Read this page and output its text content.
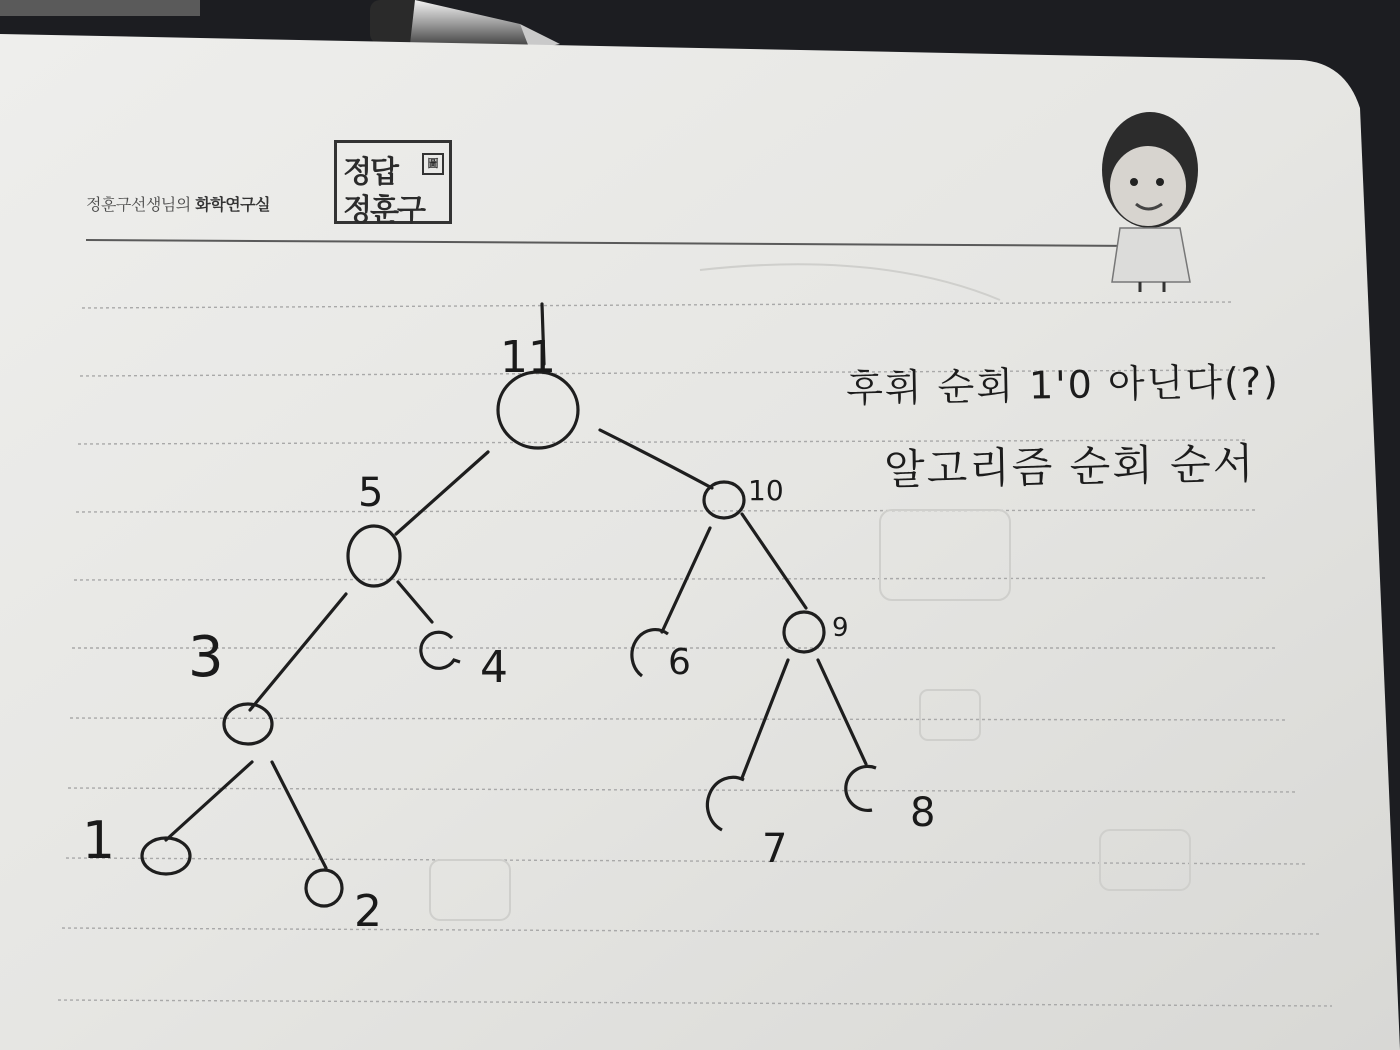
11
5	10
3	4	6
9
1
2
7
8
정훈구선생님의 화학연구실
정답	圖
정훈구
후휘 순회 1'0 아닌다(?)
알고리즘 순회 순서
